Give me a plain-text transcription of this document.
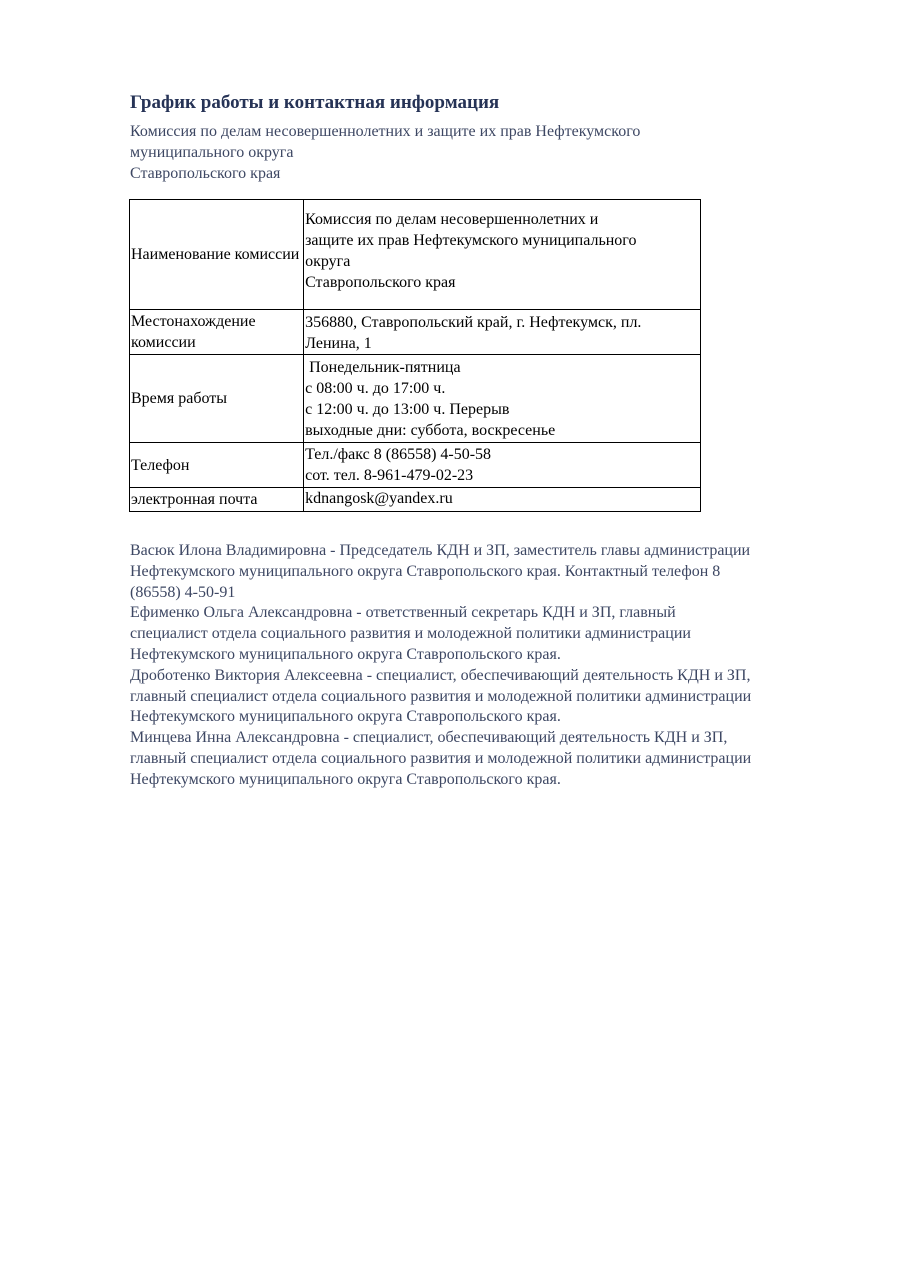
График работы и контактная информация
Комиссия по делам несовершеннолетних и защите их прав Нефтекумского
муниципального округа
Ставропольского края
Наименование комиссии	Комиссия по делам несовершеннолетних и
защите их прав Нефтекумского муниципального
округа
Ставропольского края

Местонахождение комиссии	356880, Ставропольский край, г. Нефтекумск, пл.
Ленина, 1

Время работы	Понедельник-пятница
с 08:00 ч. до 17:00 ч.
с 12:00 ч. до 13:00 ч. Перерыв
выходные дни: суббота, воскресенье

Телефон	Тел./факс 8 (86558) 4-50-58
сот. тел. 8-961-479-02-23

электронная почта	kdnangosk@yandex.ru
Васюк Илона Владимировна - Председатель КДН и ЗП, заместитель главы администрации
Нефтекумского муниципального округа Ставропольского края. Контактный телефон 8
(86558) 4-50-91
Ефименко Ольга Александровна - ответственный секретарь КДН и ЗП, главный
специалист отдела социального развития и молодежной политики администрации
Нефтекумского муниципального округа Ставропольского края.
Дроботенко Виктория Алексеевна - специалист, обеспечивающий деятельность КДН и ЗП,
главный специалист отдела социального развития и молодежной политики администрации
Нефтекумского муниципального округа Ставропольского края.
Минцева Инна Александровна - специалист, обеспечивающий деятельность КДН и ЗП,
главный специалист отдела социального развития и молодежной политики администрации
Нефтекумского муниципального округа Ставропольского края.
